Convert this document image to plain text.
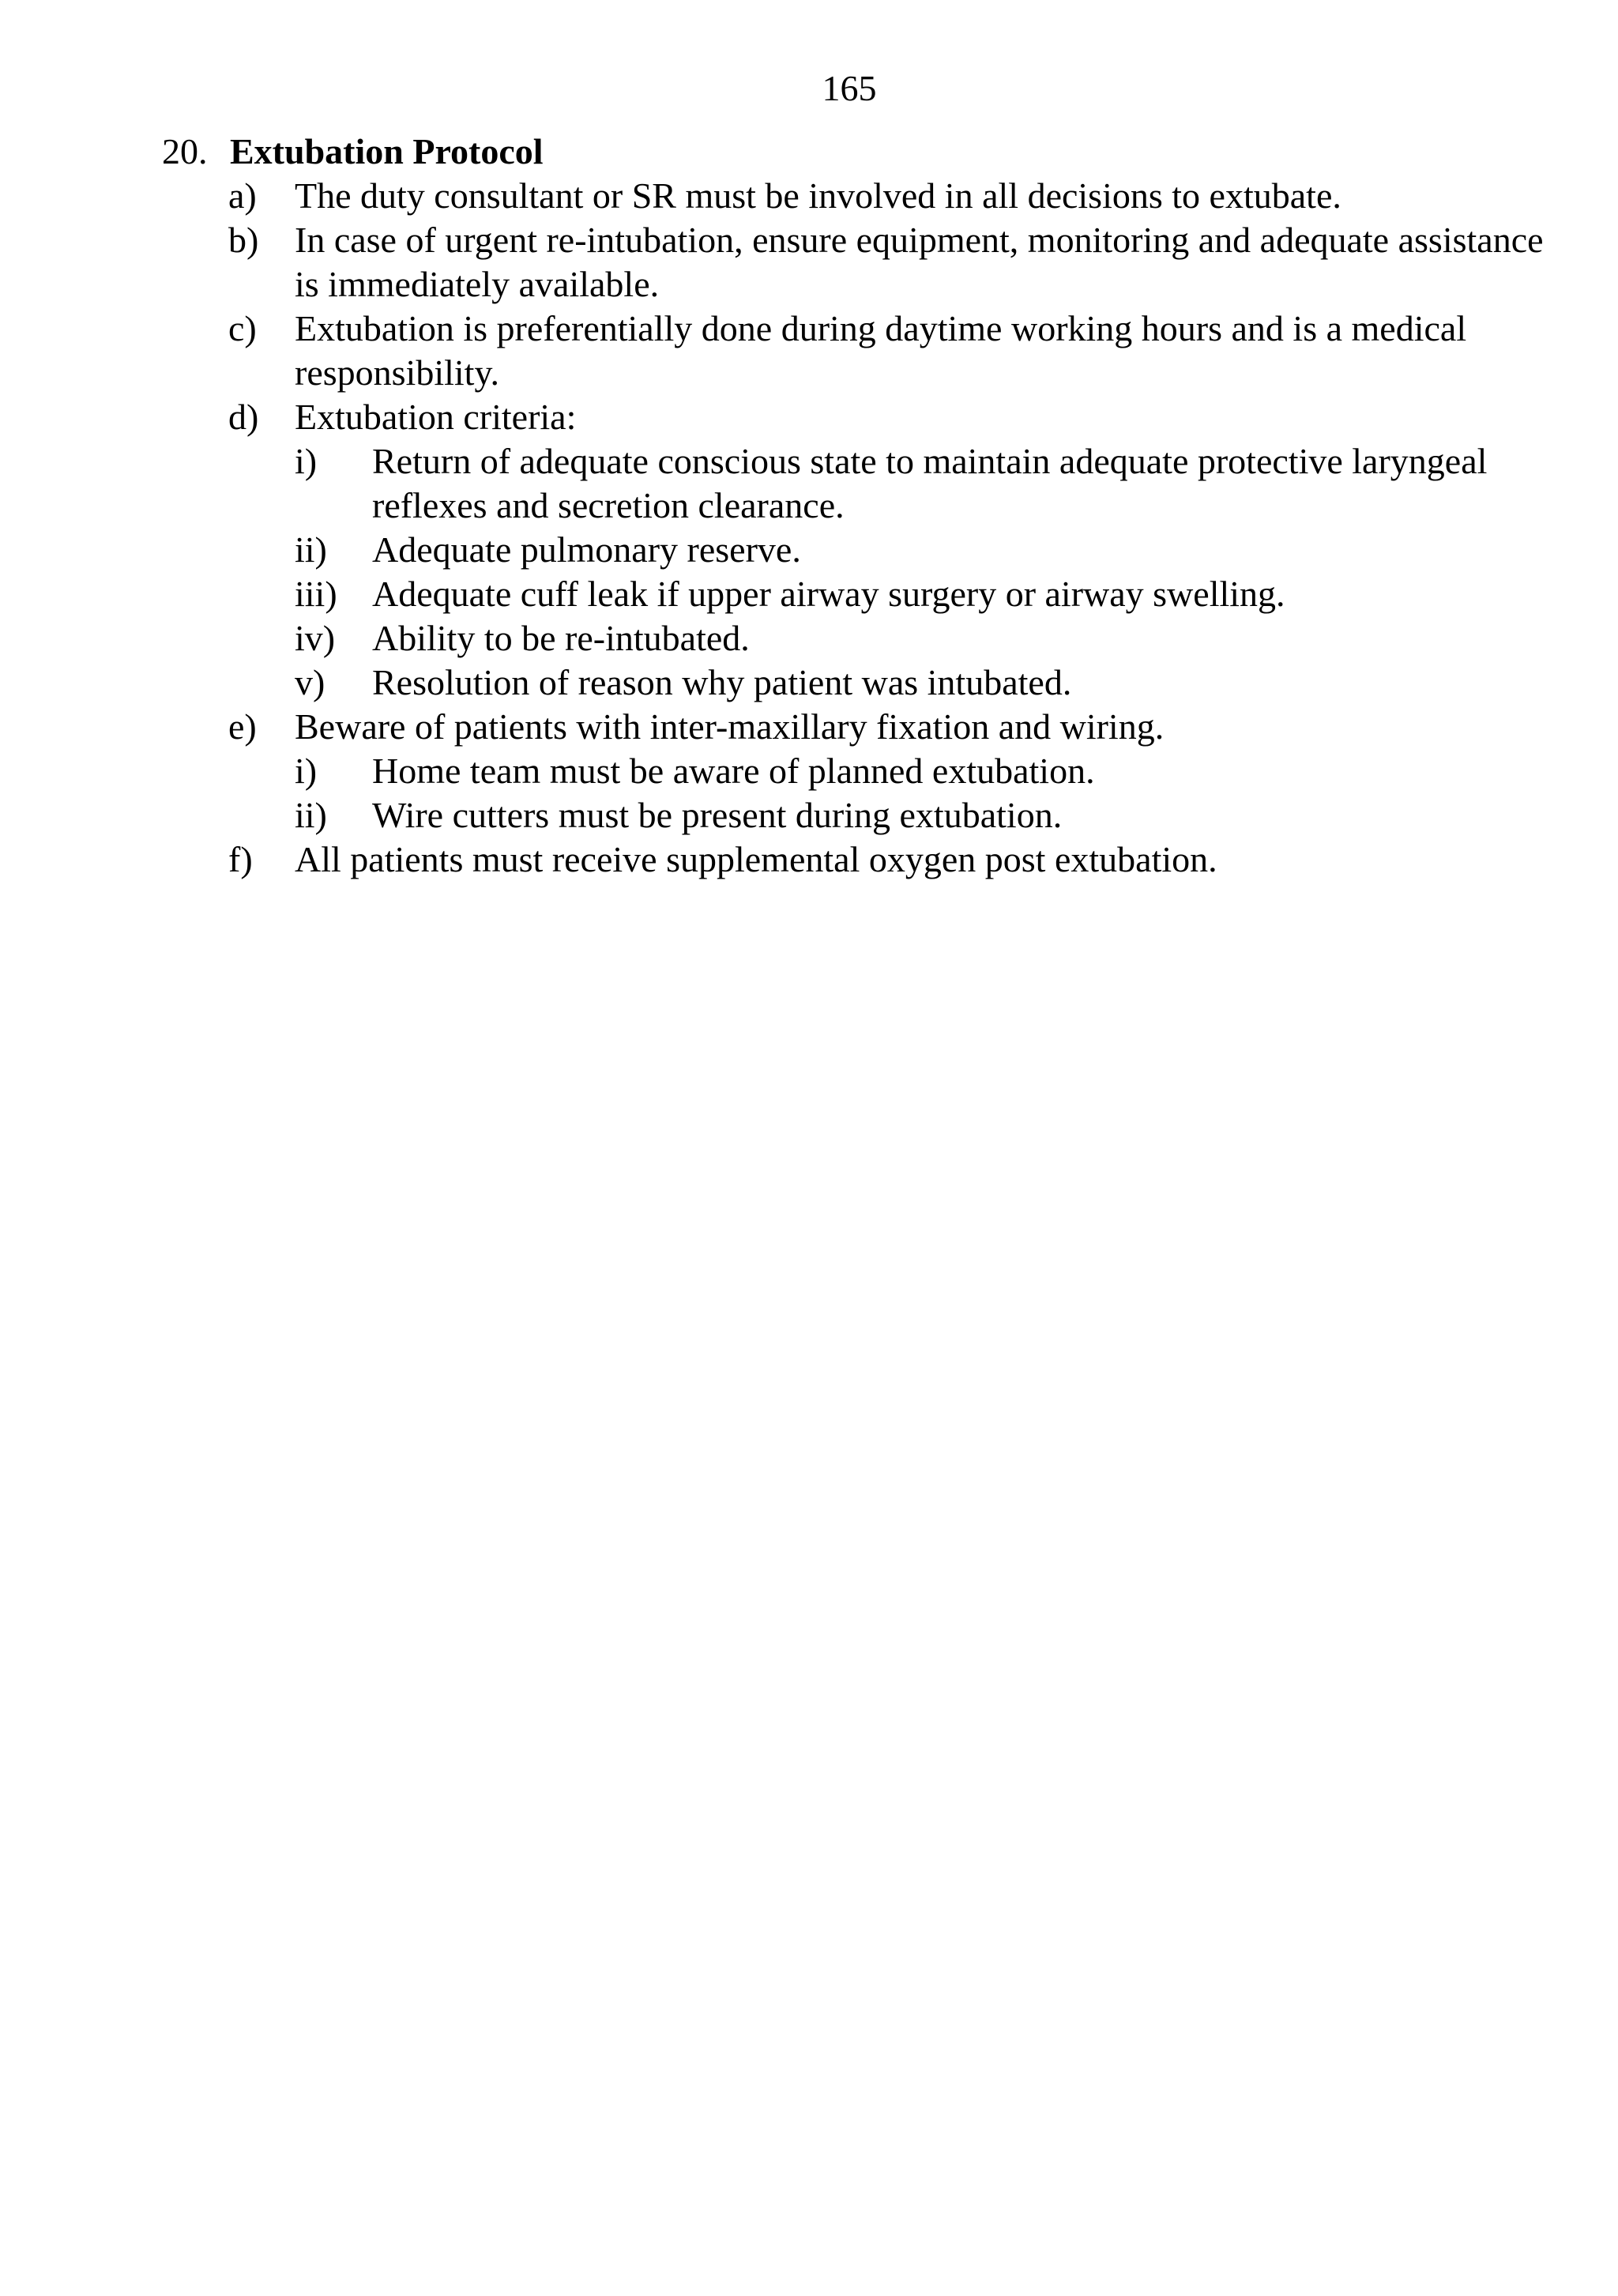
165
20. Extubation Protocol
a)	The duty consultant or SR must be involved in all decisions to extubate.
b) In case of urgent re-intubation, ensure equipment, monitoring and adequate assistance is immediately available.
c)	Extubation is preferentially done during daytime working hours and is a medical responsibility.
d) Extubation criteria:
i)	Return of adequate conscious state to maintain adequate protective laryngeal reflexes and secretion clearance.
ii)	Adequate pulmonary reserve.
iii) Adequate cuff leak if upper airway surgery or airway swelling.
iv)	Ability to be re-intubated.
v)	Resolution of reason why patient was intubated.
e)	Beware of patients with inter-maxillary fixation and wiring.
i)	Home team must be aware of planned extubation.
ii)	Wire cutters must be present during extubation.
f)	All patients must receive supplemental oxygen post extubation.
